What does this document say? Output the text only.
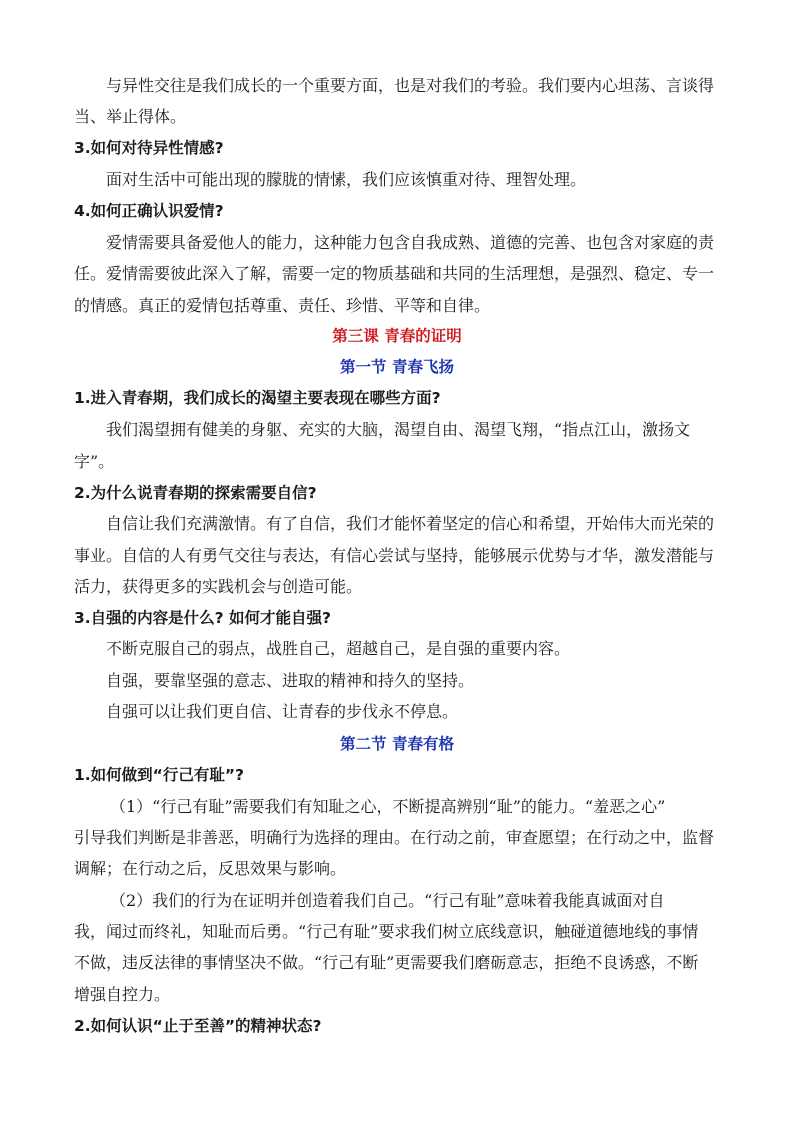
与异性交往是我们成长的一个重要方面，也是对我们的考验。我们要内心坦荡、言谈得
当、举止得体。
3.如何对待异性情感?
面对生活中可能出现的朦胧的情愫，我们应该慎重对待、理智处理。
4.如何正确认识爱情?
爱情需要具备爱他人的能力，这种能力包含自我成熟、道德的完善、也包含对家庭的责
任。爱情需要彼此深入了解，需要一定的物质基础和共同的生活理想，是强烈、稳定、专一
的情感。真正的爱情包括尊重、责任、珍惜、平等和自律。
第三课 青春的证明
第一节 青春飞扬
1.进入青春期，我们成长的渴望主要表现在哪些方面?
我们渴望拥有健美的身躯、充实的大脑，渴望自由、渴望飞翔，“指点江山，激扬文
字”。
2.为什么说青春期的探索需要自信?
自信让我们充满激情。有了自信，我们才能怀着坚定的信心和希望，开始伟大而光荣的
事业。自信的人有勇气交往与表达，有信心尝试与坚持，能够展示优势与才华，激发潜能与
活力，获得更多的实践机会与创造可能。
3.自强的内容是什么? 如何才能自强?
不断克服自己的弱点，战胜自己，超越自己，是自强的重要内容。
自强，要靠坚强的意志、进取的精神和持久的坚持。
自强可以让我们更自信、让青春的步伐永不停息。
第二节 青春有格
1.如何做到“行己有耻”?
（1）“行己有耻”需要我们有知耻之心，不断提高辨别“耻”的能力。“羞恶之心”
引导我们判断是非善恶，明确行为选择的理由。在行动之前，审查愿望；在行动之中，监督
调解；在行动之后，反思效果与影响。
（2）我们的行为在证明并创造着我们自己。“行己有耻”意味着我能真诚面对自
我，闻过而终礼，知耻而后勇。“行己有耻”要求我们树立底线意识，触碰道德地线的事情
不做，违反法律的事情坚决不做。“行己有耻”更需要我们磨砺意志，拒绝不良诱惑，不断
增强自控力。
2.如何认识“止于至善”的精神状态?
